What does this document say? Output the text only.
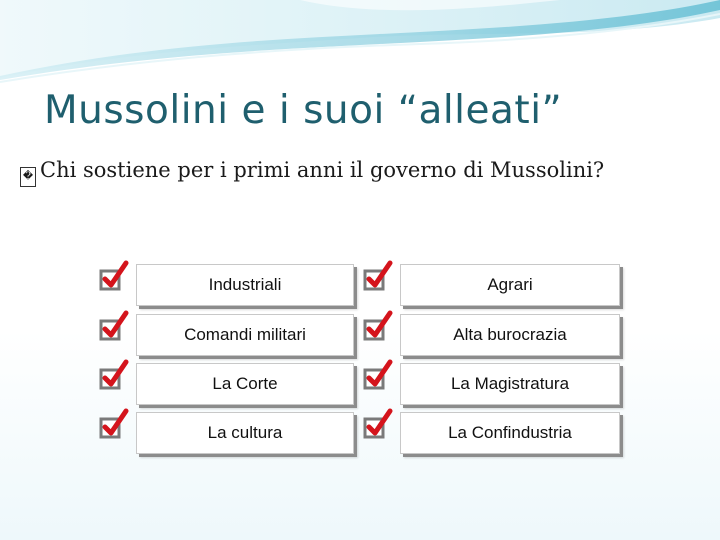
Mussolini e i suoi “alleati”
� Chi sostiene per i primi anni il governo di Mussolini?
Industriali
Comandi militari
La Corte
La cultura
Agrari
Alta burocrazia
La Magistratura
La Confindustria
